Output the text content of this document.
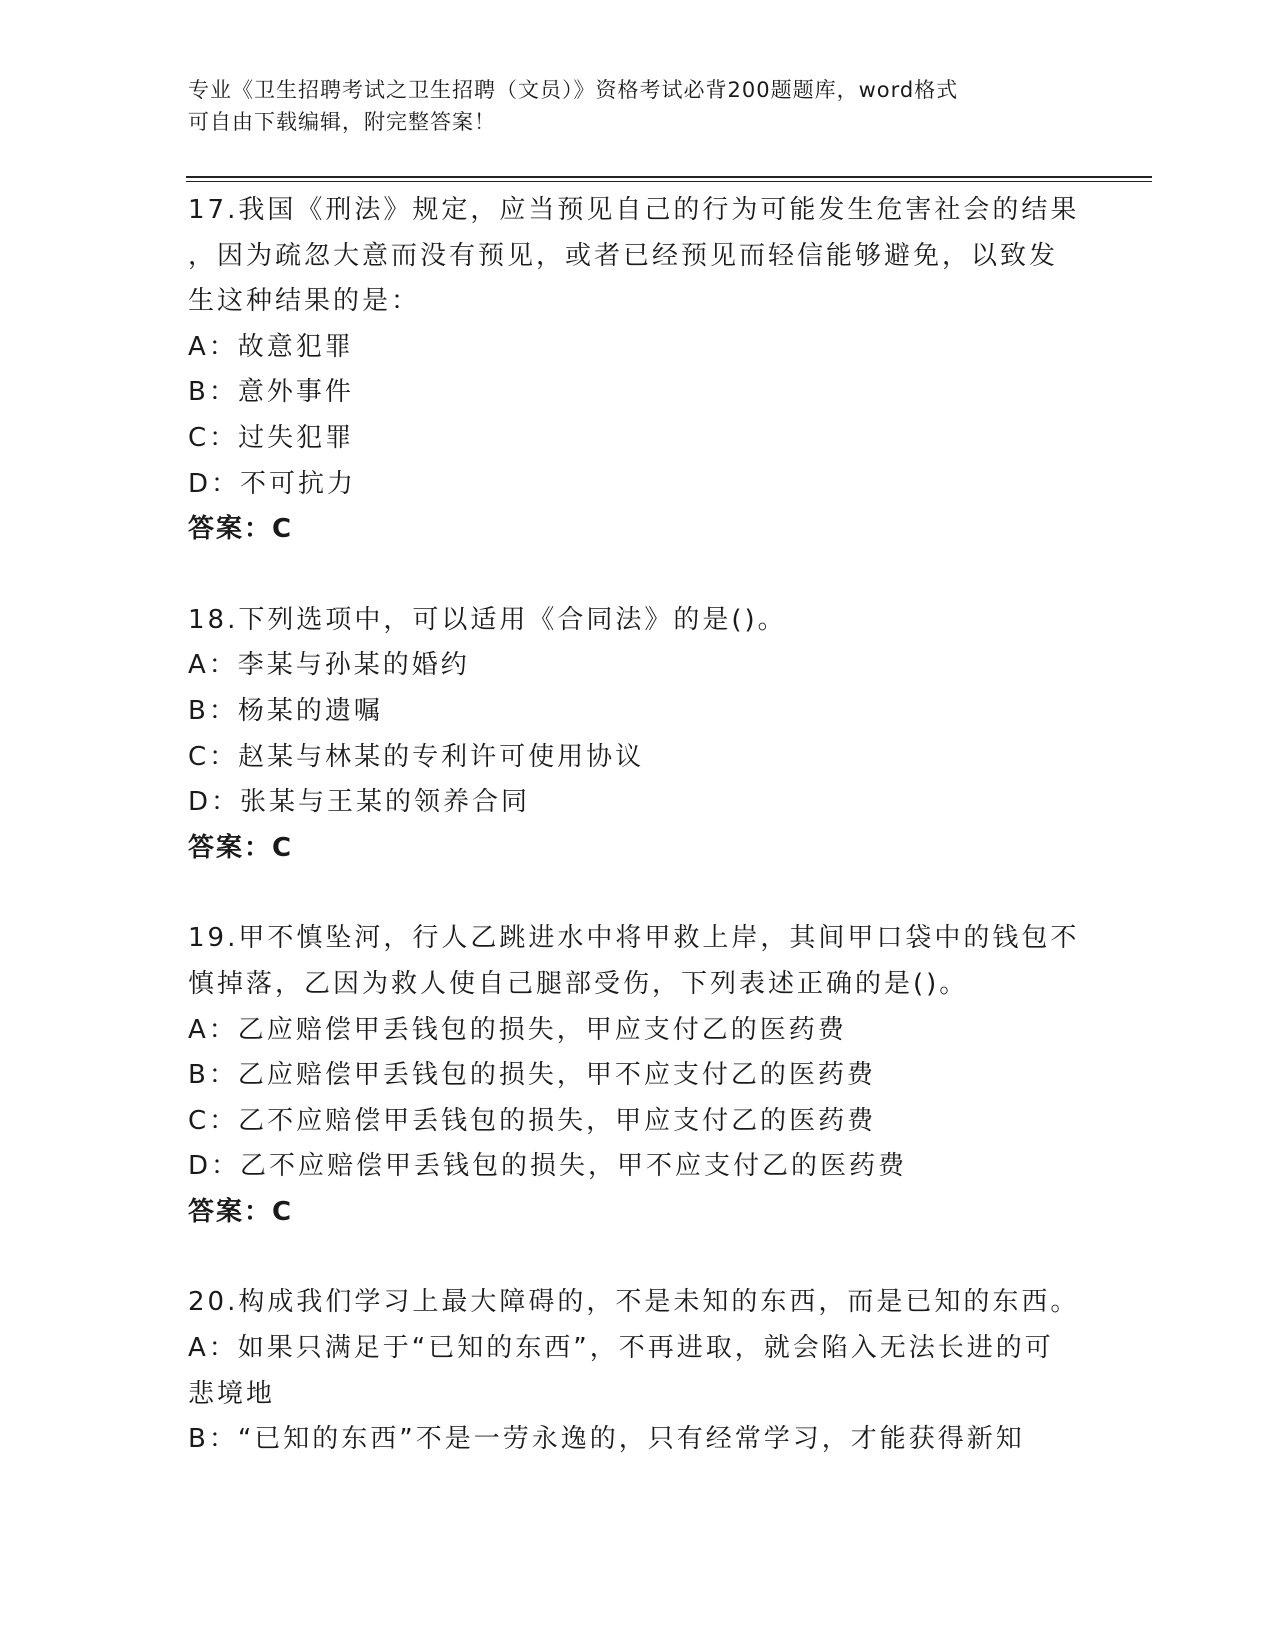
专业《卫生招聘考试之卫生招聘（文员）》资格考试必背200题题库，word格式
可自由下载编辑，附完整答案！
17.我国《刑法》规定，应当预见自己的行为可能发生危害社会的结果
，因为疏忽大意而没有预见，或者已经预见而轻信能够避免，以致发
生这种结果的是：
A：故意犯罪
B：意外事件
C：过失犯罪
D：不可抗力
答案：C
18.下列选项中，可以适用《合同法》的是()。
A：李某与孙某的婚约
B：杨某的遗嘱
C：赵某与林某的专利许可使用协议
D：张某与王某的领养合同
答案：C
19.甲不慎坠河，行人乙跳进水中将甲救上岸，其间甲口袋中的钱包不
慎掉落，乙因为救人使自己腿部受伤，下列表述正确的是()。
A：乙应赔偿甲丢钱包的损失，甲应支付乙的医药费
B：乙应赔偿甲丢钱包的损失，甲不应支付乙的医药费
C：乙不应赔偿甲丢钱包的损失，甲应支付乙的医药费
D：乙不应赔偿甲丢钱包的损失，甲不应支付乙的医药费
答案：C
20.构成我们学习上最大障碍的，不是未知的东西，而是已知的东西。
A：如果只满足于“已知的东西”，不再进取，就会陷入无法长进的可
悲境地
B：“已知的东西”不是一劳永逸的，只有经常学习，才能获得新知
